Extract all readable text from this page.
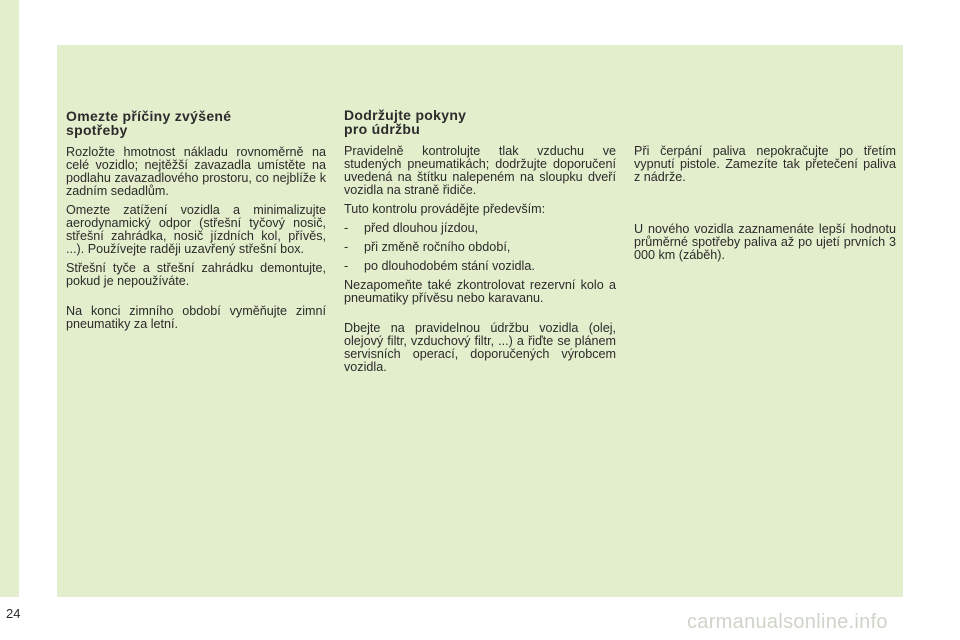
Omezte příčiny zvýšené
spotřeby

Rozložte hmotnost nákladu rovnoměrně na celé vozidlo; nejtěžší zavazadla umístěte na podlahu zavazadlového prostoru, co nejblíže k zadním sedadlům.

Omezte zatížení vozidla a minimalizujte aerodynamický odpor (střešní tyčový nosič, střešní zahrádka, nosič jízdních kol, přívěs, ...). Používejte raději uzavřený střešní box.

Střešní tyče a střešní zahrádku demontujte, pokud je nepoužíváte.

Na konci zimního období vyměňujte zimní pneumatiky za letní.

Dodržujte pokyny
pro údržbu

Pravidelně kontrolujte tlak vzduchu ve studených pneumatikách; dodržujte doporučení uvedená na štítku nalepeném na sloupku dveří vozidla na straně řidiče.

Tuto kontrolu provádějte především:

- před dlouhou jízdou,
- při změně ročního období,
- po dlouhodobém stání vozidla.

Nezapomeňte také zkontrolovat rezervní kolo a pneumatiky přívěsu nebo karavanu.

Dbejte na pravidelnou údržbu vozidla (olej, olejový filtr, vzduchový filtr, ...) a řiďte se plánem servisních operací, doporučených výrobcem vozidla.

Při čerpání paliva nepokračujte po třetím vypnutí pistole. Zamezíte tak přetečení paliva z nádrže.

U nového vozidla zaznamenáte lepší hodnotu průměrné spotřeby paliva až po ujetí prvních 3 000 km (záběh).

24	carmanualsonline.info
